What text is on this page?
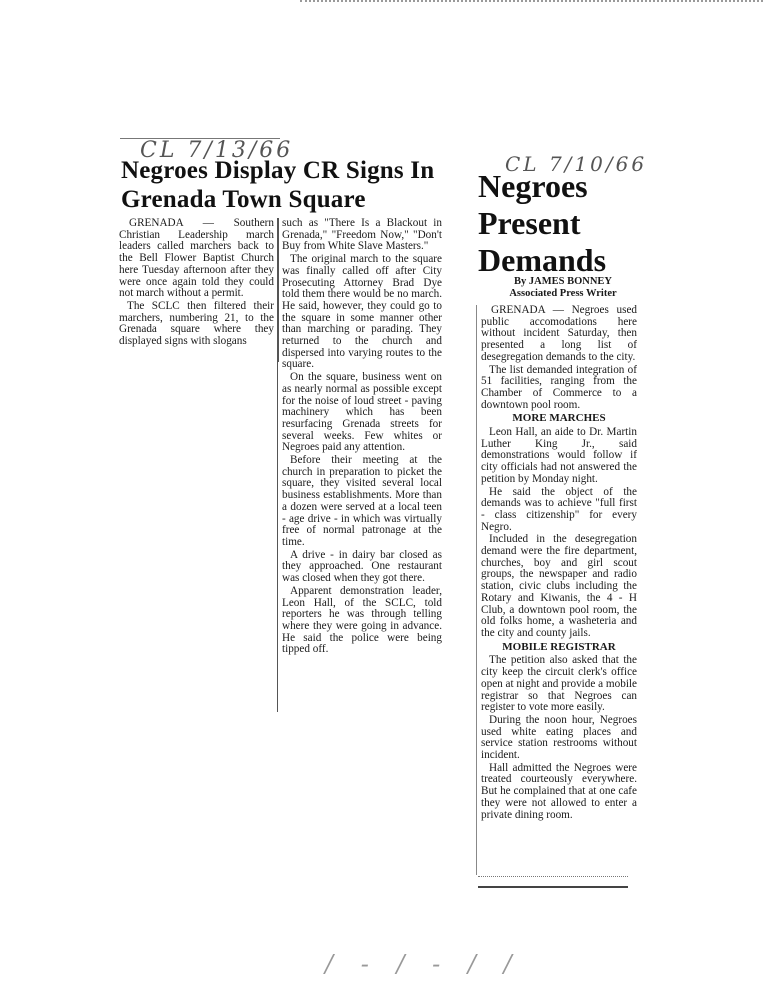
CL 7/13/66
CL 7/10/66
Negroes Display CR Signs In Grenada Town Square

GRENADA — Southern Christian Leadership march leaders called marchers back to the Bell Flower Baptist Church here Tuesday afternoon after they were once again told they could not march without a permit.

The SCLC then filtered their marchers, numbering 21, to the Grenada square where they displayed signs with slogans

such as "There Is a Blackout in Grenada," "Freedom Now," "Don't Buy from White Slave Masters."

The original march to the square was finally called off after City Prosecuting Attorney Brad Dye told them there would be no march. He said, however, they could go to the square in some manner other than marching or parading. They returned to the church and dispersed into varying routes to the square.

On the square, business went on as nearly normal as possible except for the noise of loud street - paving machinery which has been resurfacing Grenada streets for several weeks. Few whites or Negroes paid any attention.

Before their meeting at the church in preparation to picket the square, they visited several local business establishments. More than a dozen were served at a local teen - age drive - in which was virtually free of normal patronage at the time.

A drive - in dairy bar closed as they approached. One restaurant was closed when they got there.

Apparent demonstration leader, Leon Hall, of the SCLC, told reporters he was through telling where they were going in advance. He said the police were being tipped off.

Negroes Present Demands
By JAMES BONNEY
Associated Press Writer

GRENADA — Negroes used public accomodations here without incident Saturday, then presented a long list of desegregation demands to the city.

The list demanded integration of 51 facilities, ranging from the Chamber of Commerce to a downtown pool room.

MORE MARCHES

Leon Hall, an aide to Dr. Martin Luther King Jr., said demonstrations would follow if city officials had not answered the petition by Monday night.

He said the object of the demands was to achieve "full first - class citizenship" for every Negro.

Included in the desegregation demand were the fire department, churches, boy and girl scout groups, the newspaper and radio station, civic clubs including the Rotary and Kiwanis, the 4 - H Club, a downtown pool room, the old folks home, a washeteria and the city and county jails.

MOBILE REGISTRAR

The petition also asked that the city keep the circuit clerk's office open at night and provide a mobile registrar so that Negroes can register to vote more easily.

During the noon hour, Negroes used white eating places and service station restrooms without incident.

Hall admitted the Negroes were treated courteously everywhere. But he complained that at one cafe they were not allowed to enter a private dining room.

/ - / - / /
